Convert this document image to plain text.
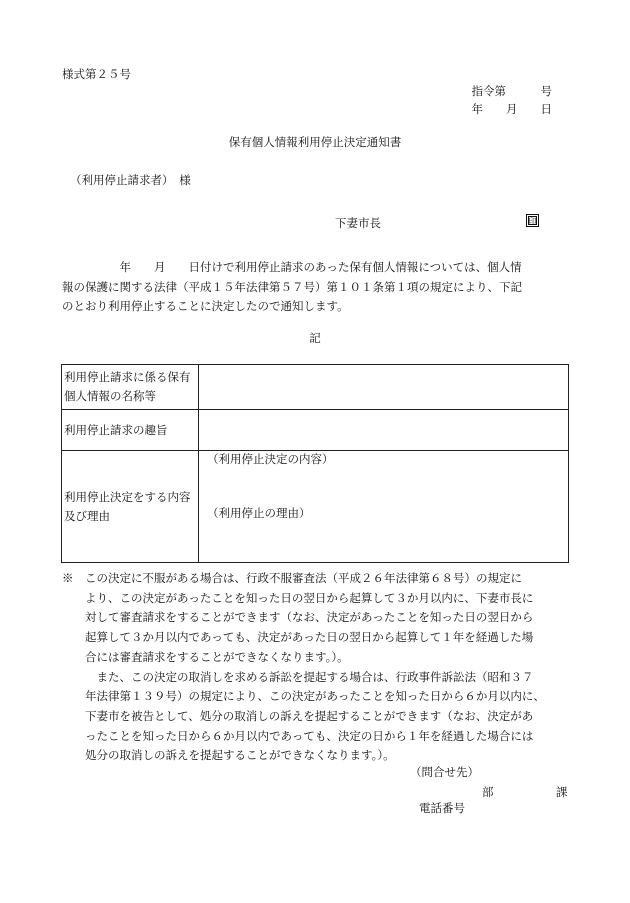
様式第２５号
指令第　　　号
年　　月　　日
保有個人情報利用停止決定通知書
（利用停止請求者）　様
下妻市長	印
　　　　　年　　月　　日付けで利用停止請求のあった保有個人情報については、個人情
報の保護に関する法律（平成１５年法律第５７号）第１０１条第１項の規定により、下記
のとおり利用停止することに決定したので通知します。
記
利用停止請求に係る保有個人情報の名称等	
利用停止請求の趣旨	
利用停止決定をする内容及び理由	（利用停止決定の内容）
（利用停止の理由）
※　この決定に不服がある場合は、行政不服審査法（平成２６年法律第６８号）の規定に
より、この決定があったことを知った日の翌日から起算して３か月以内に、下妻市長に
対して審査請求をすることができます（なお、決定があったことを知った日の翌日から
起算して３か月以内であっても、決定があった日の翌日から起算して１年を経過した場
合には審査請求をすることができなくなります。）。
　また、この決定の取消しを求める訴訟を提起する場合は、行政事件訴訟法（昭和３７
年法律第１３９号）の規定により、この決定があったことを知った日から６か月以内に、
下妻市を被告として、処分の取消しの訴えを提起することができます（なお、決定があ
ったことを知った日から６か月以内であっても、決定の日から１年を経過した場合には
処分の取消しの訴えを提起することができなくなります。）。
（問合せ先）
部	課
電話番号
